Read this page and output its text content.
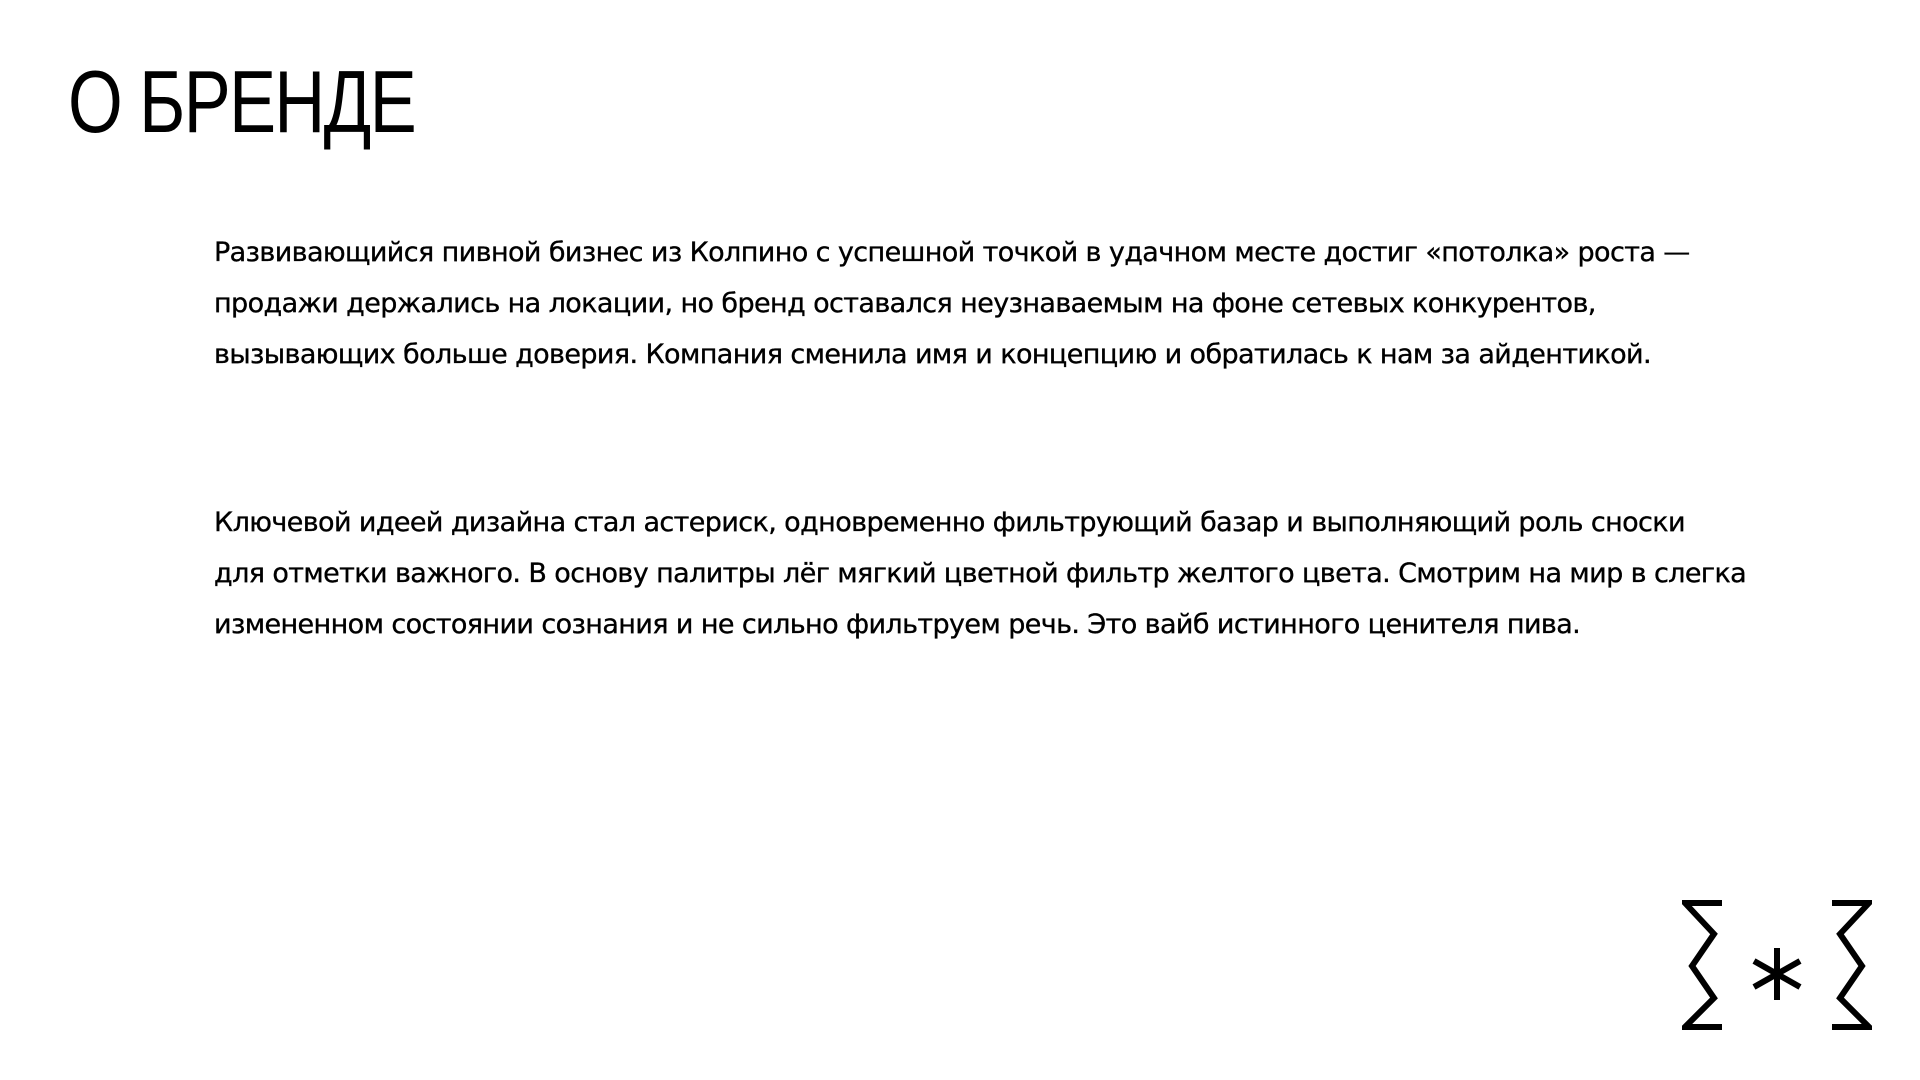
О БРЕНДЕ

Развивающийся пивной бизнес из Колпино с успешной точкой в удачном месте достиг «потолка» роста —
продажи держались на локации, но бренд оставался неузнаваемым на фоне сетевых конкурентов,
вызывающих больше доверия. Компания сменила имя и концепцию и обратилась к нам за айдентикой.

Ключевой идеей дизайна стал астериск, одновременно фильтрующий базар и выполняющий роль сноски
для отметки важного. В основу палитры лёг мягкий цветной фильтр желтого цвета. Смотрим на мир в слегка
измененном состоянии сознания и не сильно фильтруем речь. Это вайб истинного ценителя пива.
